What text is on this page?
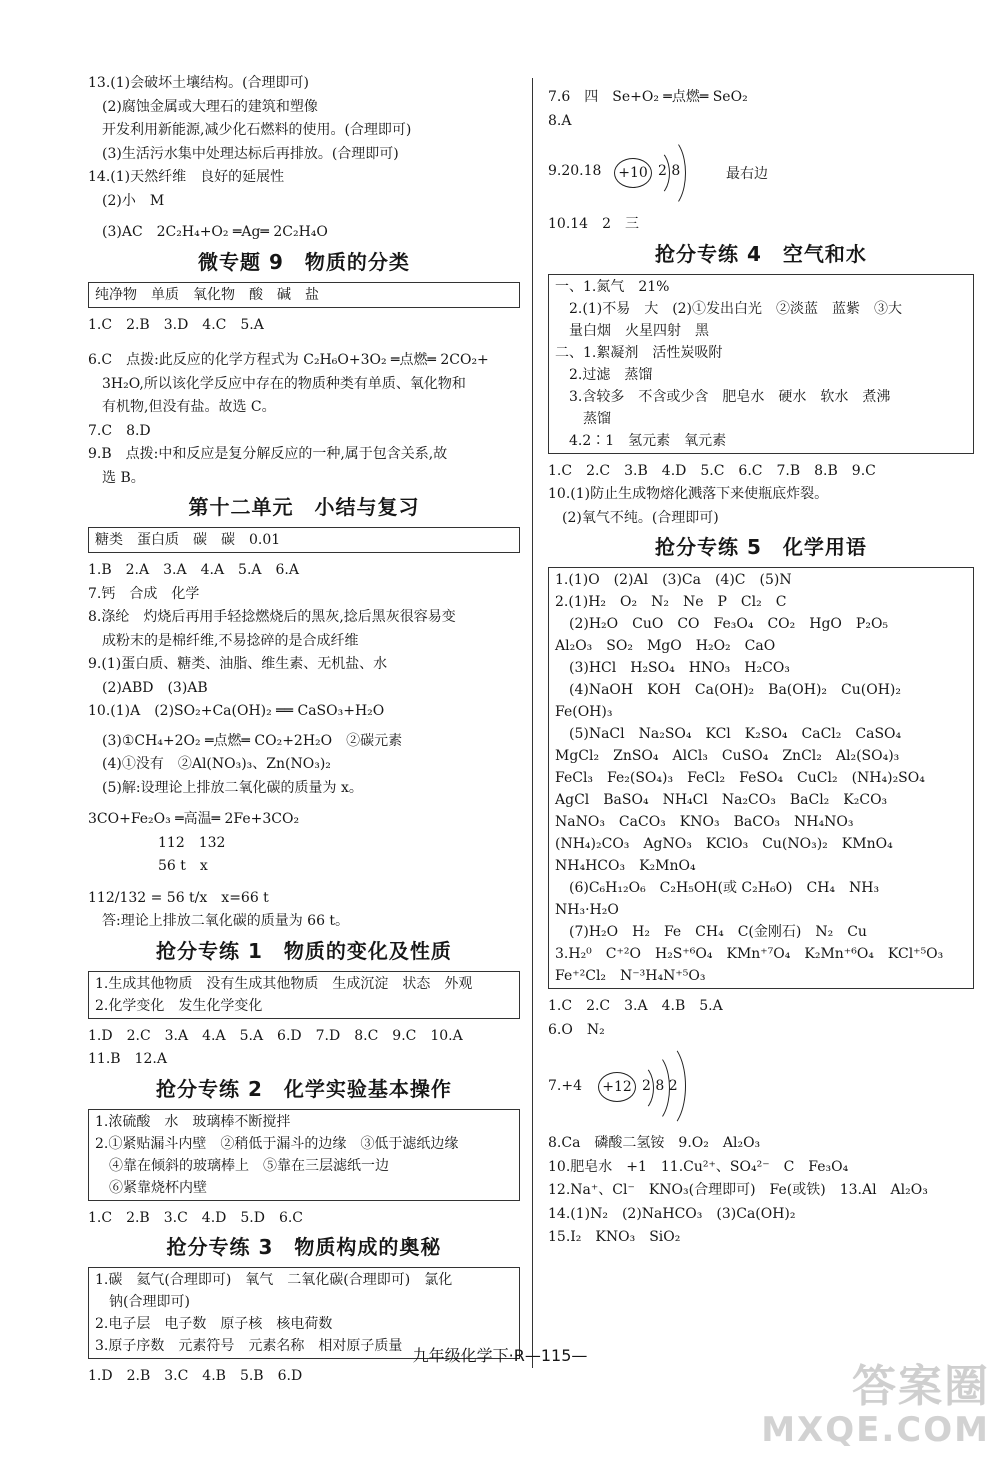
13.(1)会破坏土壤结构。(合理即可)
(2)腐蚀金属或大理石的建筑和塑像
开发利用新能源,减少化石燃料的使用。(合理即可)
(3)生活污水集中处理达标后再排放。(合理即可)
14.(1)天然纤维　良好的延展性
(2)小　M
(3)AC　2C₂H₄+O₂ ═Ag═ 2C₂H₄O
微专题 9　物质的分类
纯净物　单质　氧化物　酸　碱　盐
1.C　2.B　3.D　4.C　5.A
6.C　点拨:此反应的化学方程式为 C₂H₆O+3O₂ ═点燃═ 2CO₂+
3H₂O,所以该化学反应中存在的物质种类有单质、氧化物和
有机物,但没有盐。故选 C。
7.C　8.D
9.B　点拨:中和反应是复分解反应的一种,属于包含关系,故
选 B。
第十二单元　小结与复习
糖类　蛋白质　碳　碳　0.01
1.B　2.A　3.A　4.A　5.A　6.A
7.钙　合成　化学
8.涤纶　灼烧后再用手轻捻燃烧后的黑灰,捻后黑灰很容易变
成粉末的是棉纤维,不易捻碎的是合成纤维
9.(1)蛋白质、糖类、油脂、维生素、无机盐、水
(2)ABD　(3)AB
10.(1)A　(2)SO₂+Ca(OH)₂ ══ CaSO₃+H₂O
(3)①CH₄+2O₂ ═点燃═ CO₂+2H₂O　②碳元素
(4)①没有　②Al(NO₃)₃、Zn(NO₃)₂
(5)解:设理论上排放二氧化碳的质量为 x。
3CO+Fe₂O₃ ═高温═ 2Fe+3CO₂
112　132
56 t　x
112/132 = 56 t/x　x=66 t
答:理论上排放二氧化碳的质量为 66 t。
抢分专练 1　物质的变化及性质
1.生成其他物质　没有生成其他物质　生成沉淀　状态　外观
2.化学变化　发生化学变化
1.D　2.C　3.A　4.A　5.A　6.D　7.D　8.C　9.C　10.A
11.B　12.A
抢分专练 2　化学实验基本操作
1.浓硫酸　水　玻璃棒不断搅拌
2.①紧贴漏斗内壁　②稍低于漏斗的边缘　③低于滤纸边缘
④靠在倾斜的玻璃棒上　⑤靠在三层滤纸一边
⑥紧靠烧杯内壁
1.C　2.B　3.C　4.D　5.D　6.C
抢分专练 3　物质构成的奥秘
1.碳　氦气(合理即可)　氧气　二氧化碳(合理即可)　氯化
钠(合理即可)
2.电子层　电子数　原子核　核电荷数
3.原子序数　元素符号　元素名称　相对原子质量
1.D　2.B　3.C　4.B　5.B　6.D
7.6　四　Se+O₂ ═点燃═ SeO₂
8.A
9.20.18	+10 2 8	最右边
10.14　2　三
抢分专练 4　空气和水
一、1.氮气　21%
2.(1)不易　大　(2)①发出白光　②淡蓝　蓝紫　③大
量白烟　火星四射　黑
二、1.絮凝剂　活性炭吸附
2.过滤　蒸馏
3.含较多　不含或少含　肥皂水　硬水　软水　煮沸
蒸馏
4.2∶1　氢元素　氧元素
1.C　2.C　3.B　4.D　5.C　6.C　7.B　8.B　9.C
10.(1)防止生成物熔化溅落下来使瓶底炸裂。
(2)氧气不纯。(合理即可)
抢分专练 5　化学用语
1.(1)O　(2)Al　(3)Ca　(4)C　(5)N
2.(1)H₂　O₂　N₂　Ne　P　Cl₂　C
(2)H₂O　CuO　CO　Fe₃O₄　CO₂　HgO　P₂O₅
Al₂O₃　SO₂　MgO　H₂O₂　CaO
(3)HCl　H₂SO₄　HNO₃　H₂CO₃
(4)NaOH　KOH　Ca(OH)₂　Ba(OH)₂　Cu(OH)₂
Fe(OH)₃
(5)NaCl　Na₂SO₄　KCl　K₂SO₄　CaCl₂　CaSO₄
MgCl₂　ZnSO₄　AlCl₃　CuSO₄　ZnCl₂　Al₂(SO₄)₃
FeCl₃　Fe₂(SO₄)₃　FeCl₂　FeSO₄　CuCl₂　(NH₄)₂SO₄
AgCl　BaSO₄　NH₄Cl　Na₂CO₃　BaCl₂　K₂CO₃
NaNO₃　CaCO₃　KNO₃　BaCO₃　NH₄NO₃
(NH₄)₂CO₃　AgNO₃　KClO₃　Cu(NO₃)₂　KMnO₄
NH₄HCO₃　K₂MnO₄
(6)C₆H₁₂O₆　C₂H₅OH(或 C₂H₆O)　CH₄　NH₃
NH₃·H₂O
(7)H₂O　H₂　Fe　CH₄　C(金刚石)　N₂　Cu
3.H₂⁰　C⁺²O　H₂S⁺⁶O₄　KMn⁺⁷O₄　K₂Mn⁺⁶O₄　KCl⁺⁵O₃
Fe⁺²Cl₂　N⁻³H₄N⁺⁵O₃
1.C　2.C　3.A　4.B　5.A
6.O　N₂
7.+4	+12 2 8 2
8.Ca　磷酸二氢铵　9.O₂　Al₂O₃
10.肥皂水　+1　11.Cu²⁺、SO₄²⁻　C　Fe₃O₄
12.Na⁺、Cl⁻　KNO₃(合理即可)　Fe(或铁)　13.Al　Al₂O₃
14.(1)N₂　(2)NaHCO₃　(3)Ca(OH)₂
15.I₂　KNO₃　SiO₂
九年级化学下·R—115—
答案圈
MXQE.COM
